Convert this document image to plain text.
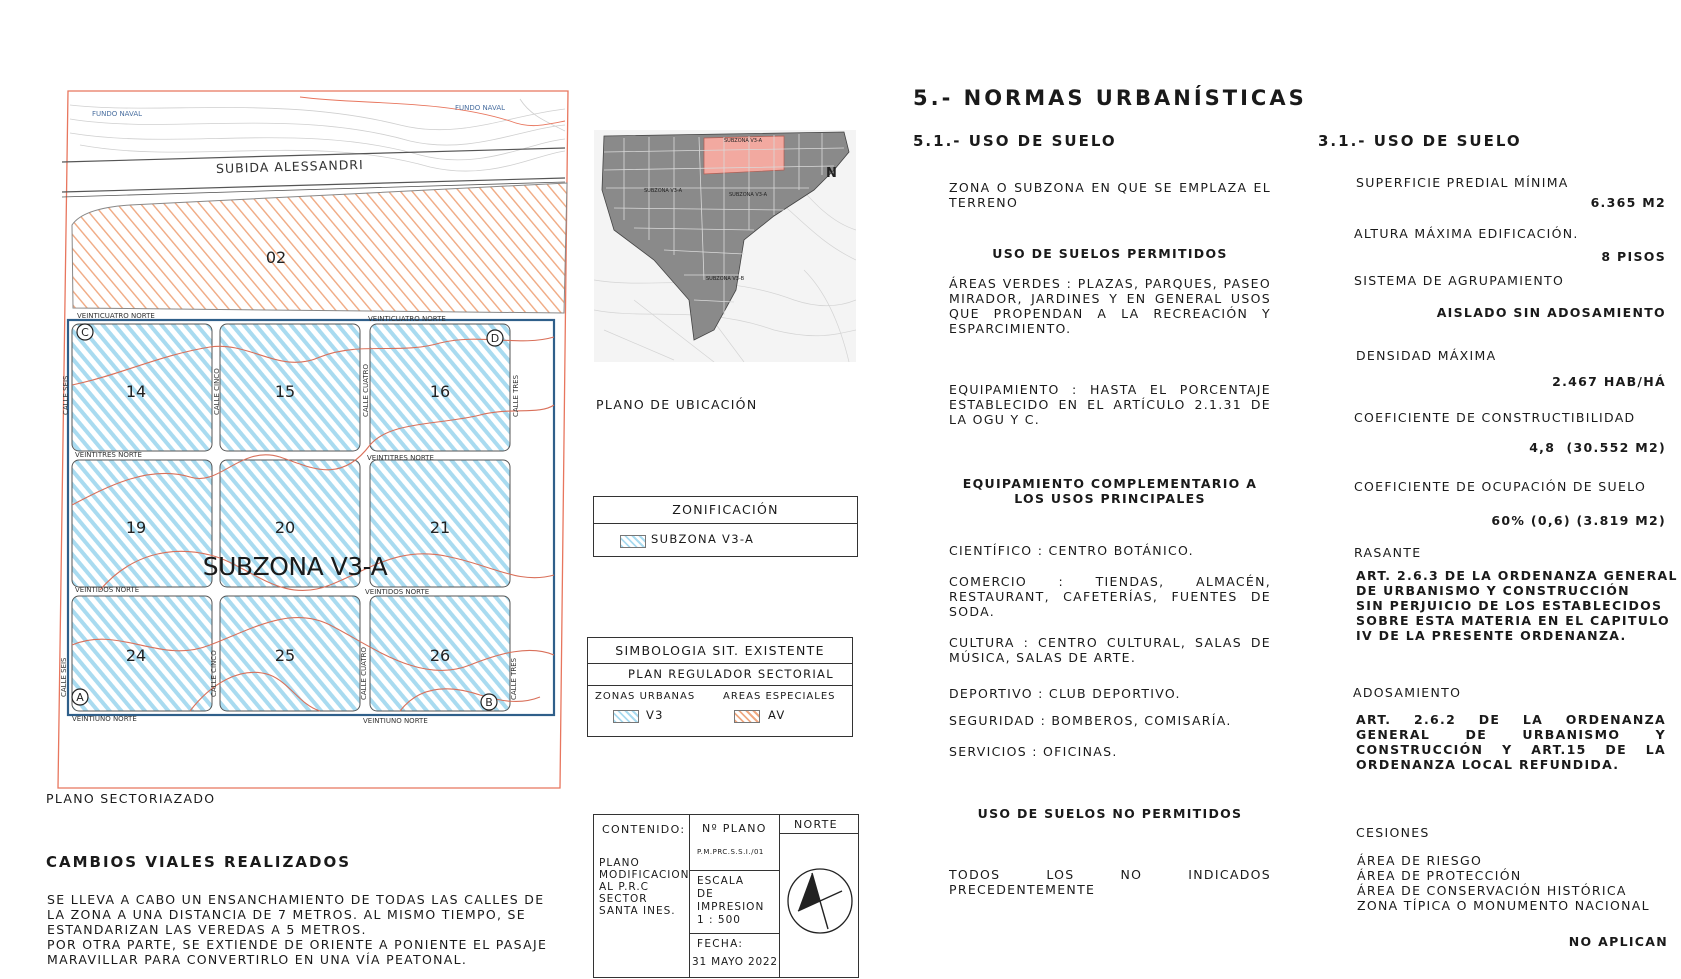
C	D
A	B
FUNDO NAVAL
FUNDO NAVAL
SUBIDA ALESSANDRI
02
VEINTICUATRO NORTE	VEINTICUATRO NORTE
VEINTITRES NORTE	VEINTITRES NORTE
VEINTIDOS NORTE	VEINTIDOS NORTE
VEINTIUNO NORTE	VEINTIUNO NORTE
CALLE SEIS
CALLE SEIS
CALLE CINCO
CALLE CINCO
CALLE CUATRO
CALLE CUATRO
CALLE TRES
CALLE TRES
14	15	16
19	20	21
24	25	26
SUBZONA V3-A
PLANO SECTORIAZADO
N
SUBZONA V3-A
SUBZONA V3-A
SUBZONA V3-A
SUBZONA V3-B
PLANO DE UBICACIÓN
ZONIFICACIÓN
SUBZONA V3-A
SIMBOLOGIA SIT. EXISTENTE
PLAN REGULADOR SECTORIAL
ZONAS URBANAS	AREAS ESPECIALES
V3	AV
CAMBIOS VIALES REALIZADOS
SE LLEVA A CABO UN ENSANCHAMIENTO DE TODAS LAS CALLES DE
LA ZONA A UNA DISTANCIA DE 7 METROS. AL MISMO TIEMPO, SE
ESTANDARIZAN LAS VEREDAS A 5 METROS.
POR OTRA PARTE, SE EXTIENDE DE ORIENTE A PONIENTE EL PASAJE
MARAVILLAR PARA CONVERTIRLO EN UNA VÍA PEATONAL.
CONTENIDO:
PLANO
MODIFICACION
AL P.R.C
SECTOR
SANTA INES.
Nº PLANO
P.M.PRC.S.S.I./01
ESCALA
DE
IMPRESION
1 : 500
FECHA:
31 MAYO 2022
NORTE
5.- NORMAS URBANÍSTICAS
5.1.- USO DE SUELO
ZONA O SUBZONA EN QUE SE EMPLAZA EL TERRENO
USO DE SUELOS PERMITIDOS
ÁREAS VERDES : PLAZAS, PARQUES, PASEO MIRADOR, JARDINES Y EN GENERAL USOS QUE PROPENDAN A LA RECREACIÓN Y ESPARCIMIENTO.
EQUIPAMIENTO : HASTA EL PORCENTAJE ESTABLECIDO EN EL ARTÍCULO 2.1.31 DE LA OGU Y C.
EQUIPAMIENTO COMPLEMENTARIO A LOS USOS PRINCIPALES
CIENTÍFICO : CENTRO BOTÁNICO.
COMERCIO : TIENDAS, ALMACÉN, RESTAURANT, CAFETERÍAS, FUENTES DE SODA.
CULTURA : CENTRO CULTURAL, SALAS DE MÚSICA, SALAS DE ARTE.
DEPORTIVO : CLUB DEPORTIVO.
SEGURIDAD : BOMBEROS, COMISARÍA.
SERVICIOS : OFICINAS.
USO DE SUELOS NO PERMITIDOS
TODOS LOS NO INDICADOS PRECEDENTEMENTE
3.1.- USO DE SUELO
SUPERFICIE PREDIAL MÍNIMA
6.365 M2
ALTURA MÁXIMA EDIFICACIÓN.
8 PISOS
SISTEMA DE AGRUPAMIENTO
AISLADO SIN ADOSAMIENTO
DENSIDAD MÁXIMA
2.467 HAB/HÁ
COEFICIENTE DE CONSTRUCTIBILIDAD
4,8  (30.552 M2)
COEFICIENTE DE OCUPACIÓN DE SUELO
60% (0,6) (3.819 M2)
RASANTE
ART. 2.6.3 DE LA ORDENANZA GENERAL
DE URBANISMO Y CONSTRUCCIÓN
SIN PERJUICIO DE LOS ESTABLECIDOS
SOBRE ESTA MATERIA EN EL CAPITULO
IV DE LA PRESENTE ORDENANZA.
ADOSAMIENTO
ART. 2.6.2 DE LA ORDENANZA GENERAL DE URBANISMO Y CONSTRUCCIÓN Y ART.15 DE LA ORDENANZA LOCAL REFUNDIDA.
CESIONES
ÁREA DE RIESGO
ÁREA DE PROTECCIÓN
ÁREA DE CONSERVACIÓN HISTÓRICA
ZONA TÍPICA O MONUMENTO NACIONAL
NO APLICAN
